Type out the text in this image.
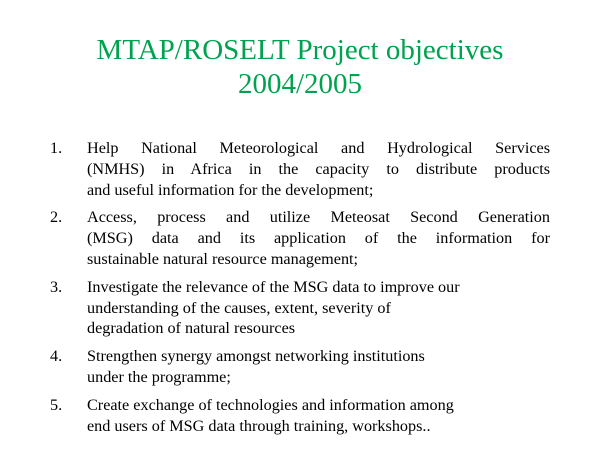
MTAP/ROSELT Project objectives
2004/2005
1. Help National Meteorological and Hydrological Services
(NMHS) in Africa in the capacity to distribute products
and useful information for the development;
2. Access, process and utilize Meteosat Second Generation
(MSG) data and its application of the information for
sustainable natural resource management;
3. Investigate the relevance of the MSG data to improve our
understanding of the causes, extent, severity of
degradation of natural resources
4. Strengthen synergy amongst networking institutions
under the programme;
5. Create exchange of technologies and information among
end users of MSG data through training, workshops..
